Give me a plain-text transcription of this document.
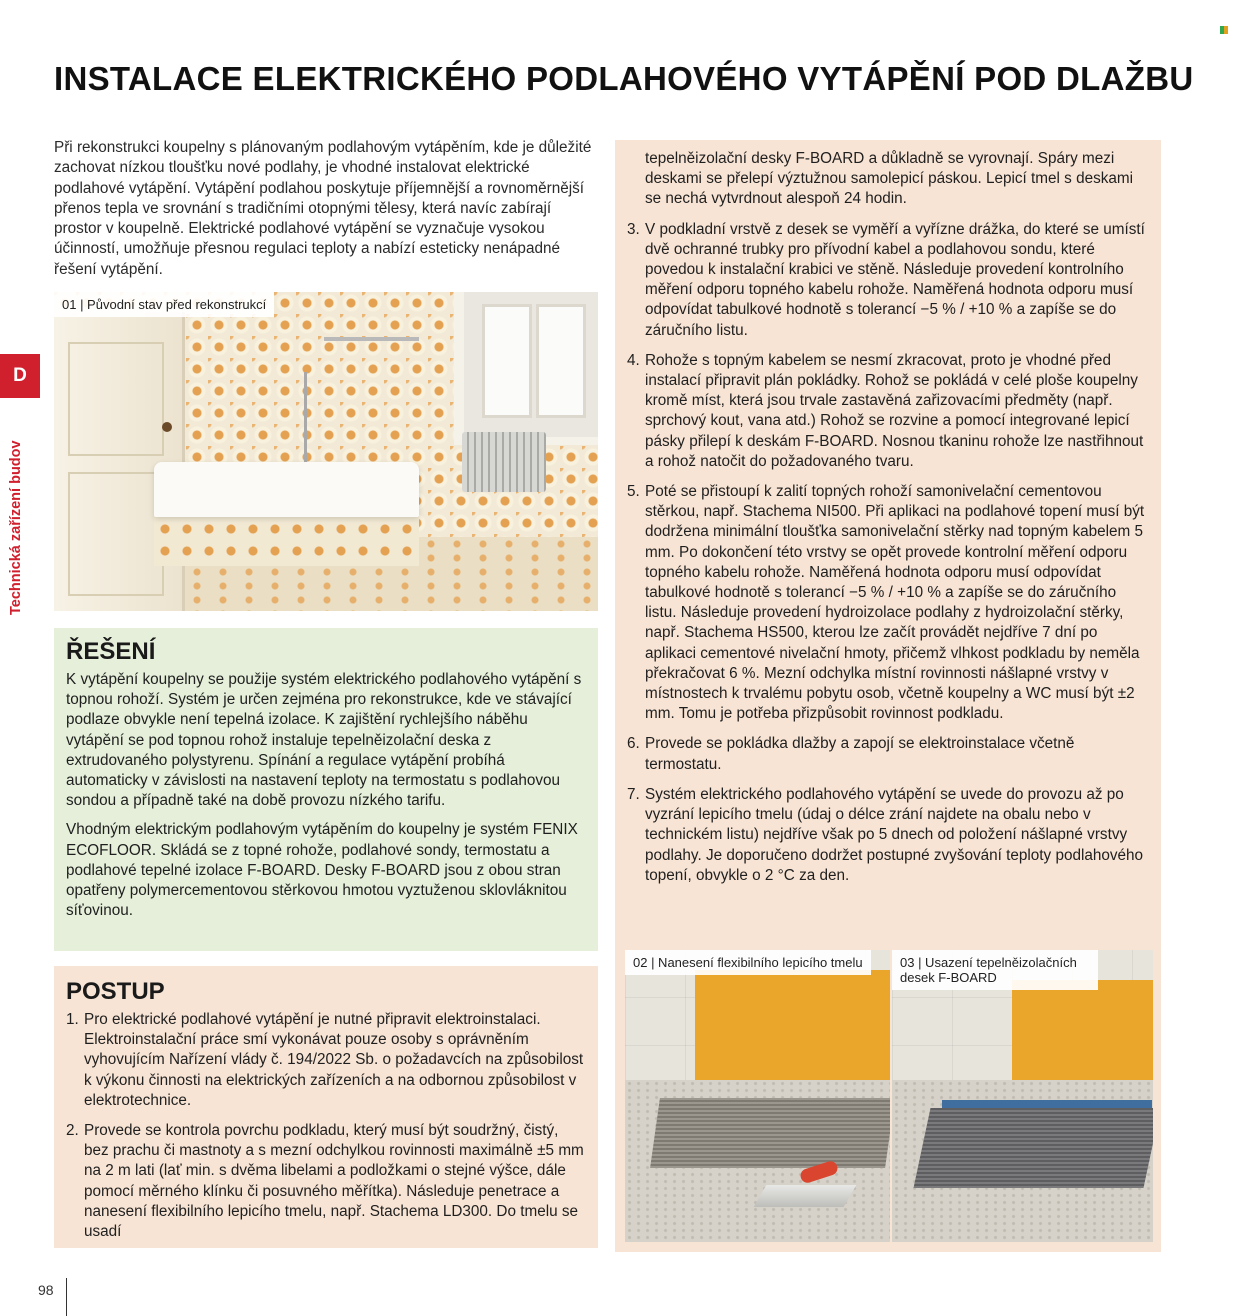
INSTALACE ELEKTRICKÉHO PODLAHOVÉHO VYTÁPĚNÍ POD DLAŽBU
Při rekonstrukci koupelny s plánovaným podlahovým vytápěním, kde je důležité zachovat nízkou tloušťku nové podlahy, je vhodné instalovat elektrické podlahové vytápění. Vytápění podlahou poskytuje příjemnější a rovnoměrnější přenos tepla ve srovnání s tradičními otopnými tělesy, která navíc zabírají prostor v koupelně. Elektrické podlahové vytápění se vyznačuje vysokou účinností, umožňuje přesnou regulaci teploty a nabízí esteticky nenápadné řešení vytápění.
D
Technická zařízení budov
01 | Původní stav před rekonstrukcí
ŘEŠENÍ

K vytápění koupelny se použije systém elektrického podlahového vytápění s topnou rohoží. Systém je určen zejména pro rekonstrukce, kde ve stávající podlaze obvykle není tepelná izolace. K zajištění rychlejšího náběhu vytápění se pod topnou rohož instaluje tepelněizolační deska z extrudovaného polystyrenu. Spínání a regulace vytápění probíhá automaticky v závislosti na nastavení teploty na termostatu s podlahovou sondou a případně také na době provozu nízkého tarifu.

Vhodným elektrickým podlahovým vytápěním do koupelny je systém FENIX ECOFLOOR. Skládá se z topné rohože, podlahové sondy, termostatu a podlahové tepelné izolace F-BOARD. Desky F-BOARD jsou z obou stran opatřeny polymercementovou stěrkovou hmotou vyztuženou sklovláknitou síťovinou.

POSTUP
1. Pro elektrické podlahové vytápění je nutné připravit elektroinstalaci. Elektroinstalační práce smí vykonávat pouze osoby s oprávněním vyhovujícím Nařízení vlády č. 194/2022 Sb. o požadavcích na způsobilost k výkonu činnosti na elektrických zařízeních a na odbornou způsobilost v elektrotechnice.
2. Provede se kontrola povrchu podkladu, který musí být soudržný, čistý, bez prachu či mastnoty a s mezní odchylkou rovinnosti maximálně ±5 mm na 2 m lati (lať min. s dvěma libelami a podložkami o stejné výšce, dále pomocí měrného klínku či posuvného měřítka). Následuje penetrace a nanesení flexibilního lepicího tmelu, např. Stachema LD300. Do tmelu se usadí
tepelněizolační desky F-BOARD a důkladně se vyrovnají. Spáry mezi deskami se přelepí výztužnou samolepicí páskou. Lepicí tmel s deskami se nechá vytvrdnout alespoň 24 hodin.
3. V podkladní vrstvě z desek se vyměří a vyřízne drážka, do které se umístí dvě ochranné trubky pro přívodní kabel a podlahovou sondu, které povedou k instalační krabici ve stěně. Následuje provedení kontrolního měření odporu topného kabelu rohože. Naměřená hodnota odporu musí odpovídat tabulkové hodnotě s tolerancí −5 % / +10 % a zapíše se do záručního listu.
4. Rohože s topným kabelem se nesmí zkracovat, proto je vhodné před instalací připravit plán pokládky. Rohož se pokládá v celé ploše koupelny kromě míst, která jsou trvale zastavěná zařizovacími předměty (např. sprchový kout, vana atd.) Rohož se rozvine a pomocí integrované lepicí pásky přilepí k deskám F-BOARD. Nosnou tkaninu rohože lze nastřihnout a rohož natočit do požadovaného tvaru.
5. Poté se přistoupí k zalití topných rohoží samonivelační cementovou stěrkou, např. Stachema NI500. Při aplikaci na podlahové topení musí být dodržena minimální tloušťka samonivelační stěrky nad topným kabelem 5 mm. Po dokončení této vrstvy se opět provede kontrolní měření odporu topného kabelu rohože. Naměřená hodnota odporu musí odpovídat tabulkové hodnotě s tolerancí −5 % / +10 % a zapíše se do záručního listu. Následuje provedení hydroizolace podlahy z hydroizolační stěrky, např. Stachema HS500, kterou lze začít provádět nejdříve 7 dní po aplikaci cementové nivelační hmoty, přičemž vlhkost podkladu by neměla překračovat 6 %. Mezní odchylka místní rovinnosti nášlapné vrstvy v místnostech k trvalému pobytu osob, včetně koupelny a WC musí být ±2 mm. Tomu je potřeba přizpůsobit rovinnost podkladu.
6. Provede se pokládka dlažby a zapojí se elektroinstalace včetně termostatu.
7. Systém elektrického podlahového vytápění se uvede do provozu až po vyzrání lepicího tmelu (údaj o délce zrání najdete na obalu nebo v technickém listu) nejdříve však po 5 dnech od položení nášlapné vrstvy podlahy. Je doporučeno dodržet postupné zvyšování teploty podlahového topení, obvykle o 2 °C za den.
02 | Nanesení flexibilního lepicího tmelu	03 | Usazení tepelněizolačních desek F-BOARD
98
